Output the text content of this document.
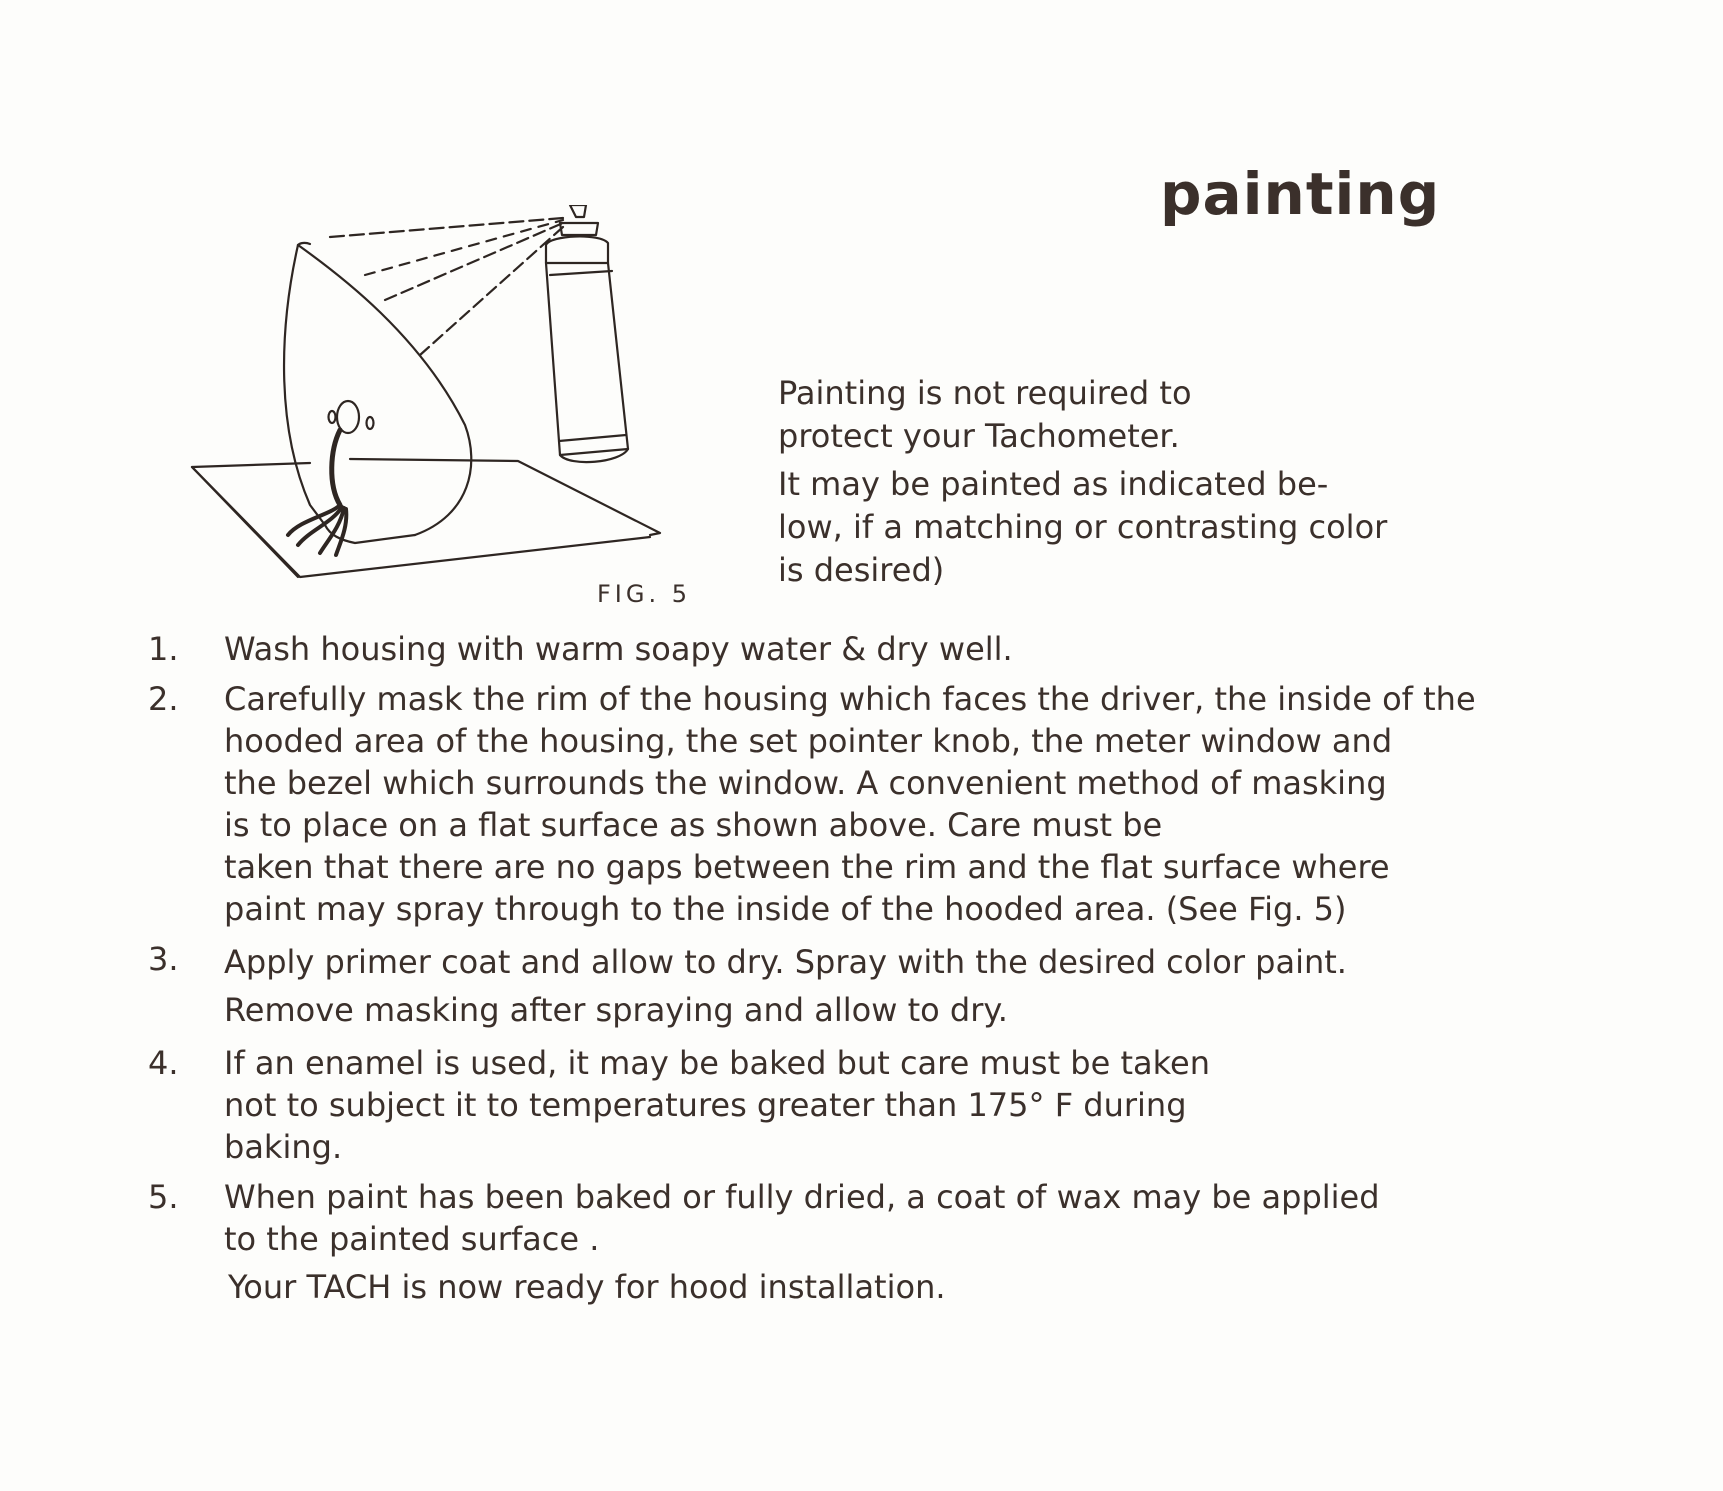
painting
FIG. 5

Painting is not required to
protect your Tachometer.

It may be painted as indicated be-
low, if a matching or contrasting color
is desired)

1. Wash housing with warm soapy water & dry well.
2. Carefully mask the rim of the housing which faces the driver, the inside of the
hooded area of the housing, the set pointer knob, the meter window and
the bezel which surrounds the window. A convenient method of masking
is to place on a flat surface as shown above. Care must be
taken that there are no gaps between the rim and the flat surface where
paint may spray through to the inside of the hooded area. (See Fig. 5)
3. Apply primer coat and allow to dry. Spray with the desired color paint.
Remove masking after spraying and allow to dry.
4. If an enamel is used, it may be baked but care must be taken
not to subject it to temperatures greater than 175° F during
baking.
5. When paint has been baked or fully dried, a coat of wax may be applied
to the painted surface .
Your TACH is now ready for hood installation.
